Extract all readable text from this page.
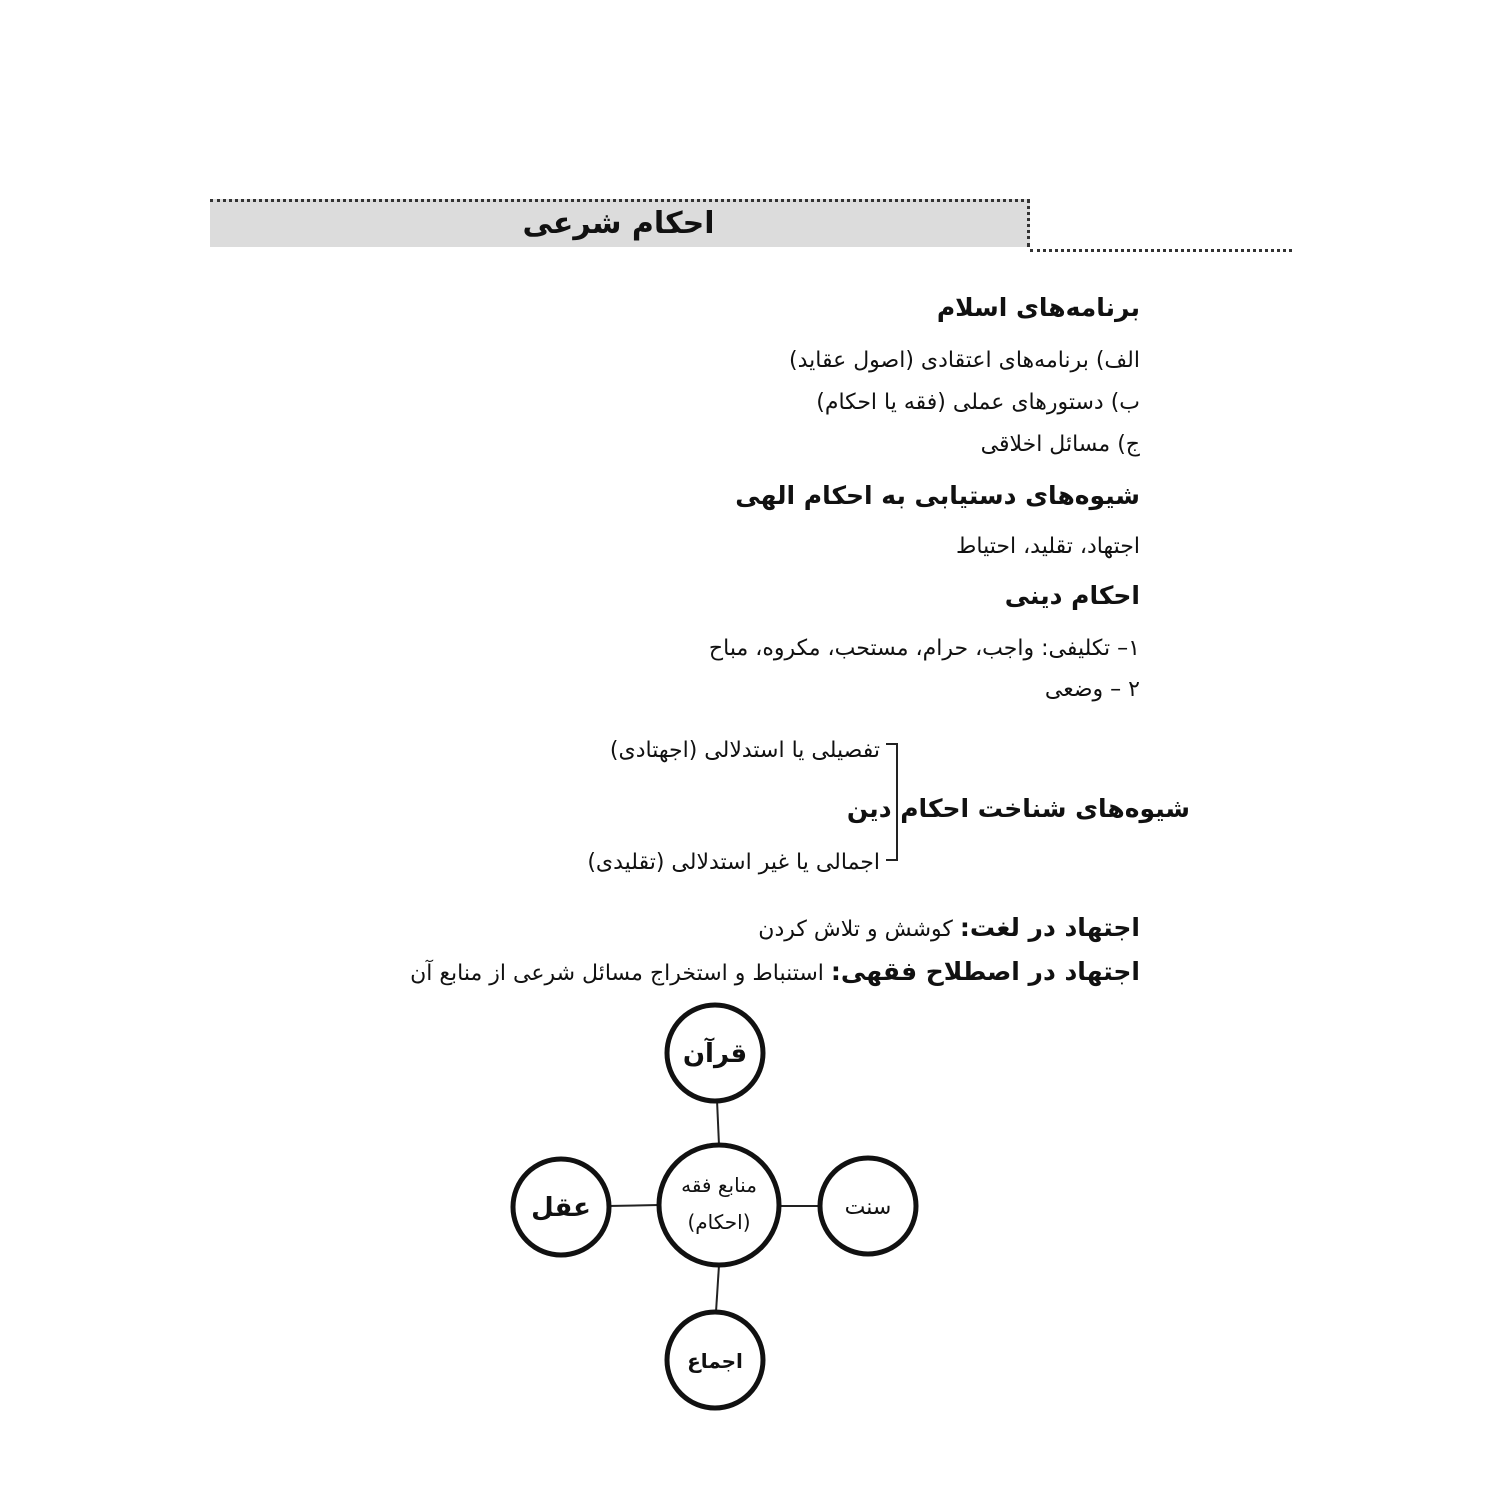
احکام شرعی
برنامه‌های اسلام
الف) برنامه‌های اعتقادی (اصول عقاید)
ب) دستورهای عملی (فقه یا احکام)
ج) مسائل اخلاقی
شیوه‌های دستیابی به احکام الهی
اجتهاد، تقلید، احتیاط
احکام دینی
۱– تکلیفی: واجب، حرام، مستحب، مکروه، مباح
۲ – وضعی
تفصیلی یا استدلالی (اجهتادی)
شیوه‌های شناخت احکام دین
اجمالی یا غیر استدلالی (تقلیدی)
اجتهاد در لغت: کوشش و تلاش کردن
اجتهاد در اصطلاح فقهی: استنباط و استخراج مسائل شرعی از منابع آن
قرآن
منابع فقه
(احکام)
سنت
عقل
اجماع
